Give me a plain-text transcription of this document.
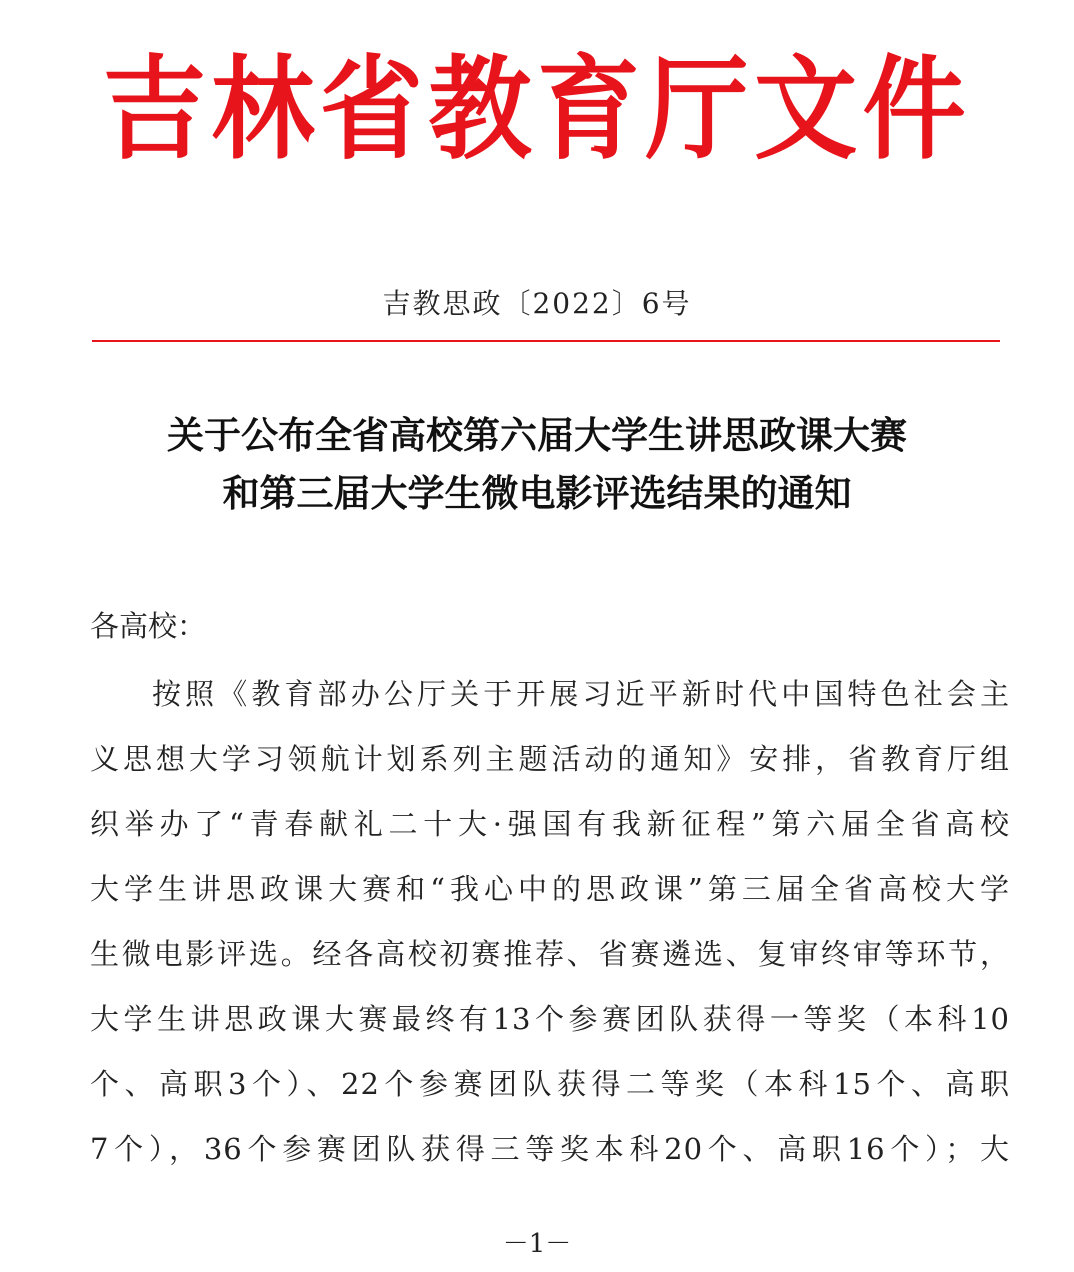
吉林省教育厅文件
吉教思政〔2022〕6号
关于公布全省高校第六届大学生讲思政课大赛
和第三届大学生微电影评选结果的通知
各高校：
按照《教育部办公厅关于开展习近平新时代中国特色社会主
义思想大学习领航计划系列主题活动的通知》安排，省教育厅组
织举办了“青春献礼二十大·强国有我新征程”第六届全省高校
大学生讲思政课大赛和“我心中的思政课”第三届全省高校大学
生微电影评选。经各高校初赛推荐、省赛遴选、复审终审等环节，
大学生讲思政课大赛最终有13个参赛团队获得一等奖（本科10
个、高职3个）、22个参赛团队获得二等奖（本科15个、高职
7个），36个参赛团队获得三等奖本科20个、高职16个）；大
－1－
